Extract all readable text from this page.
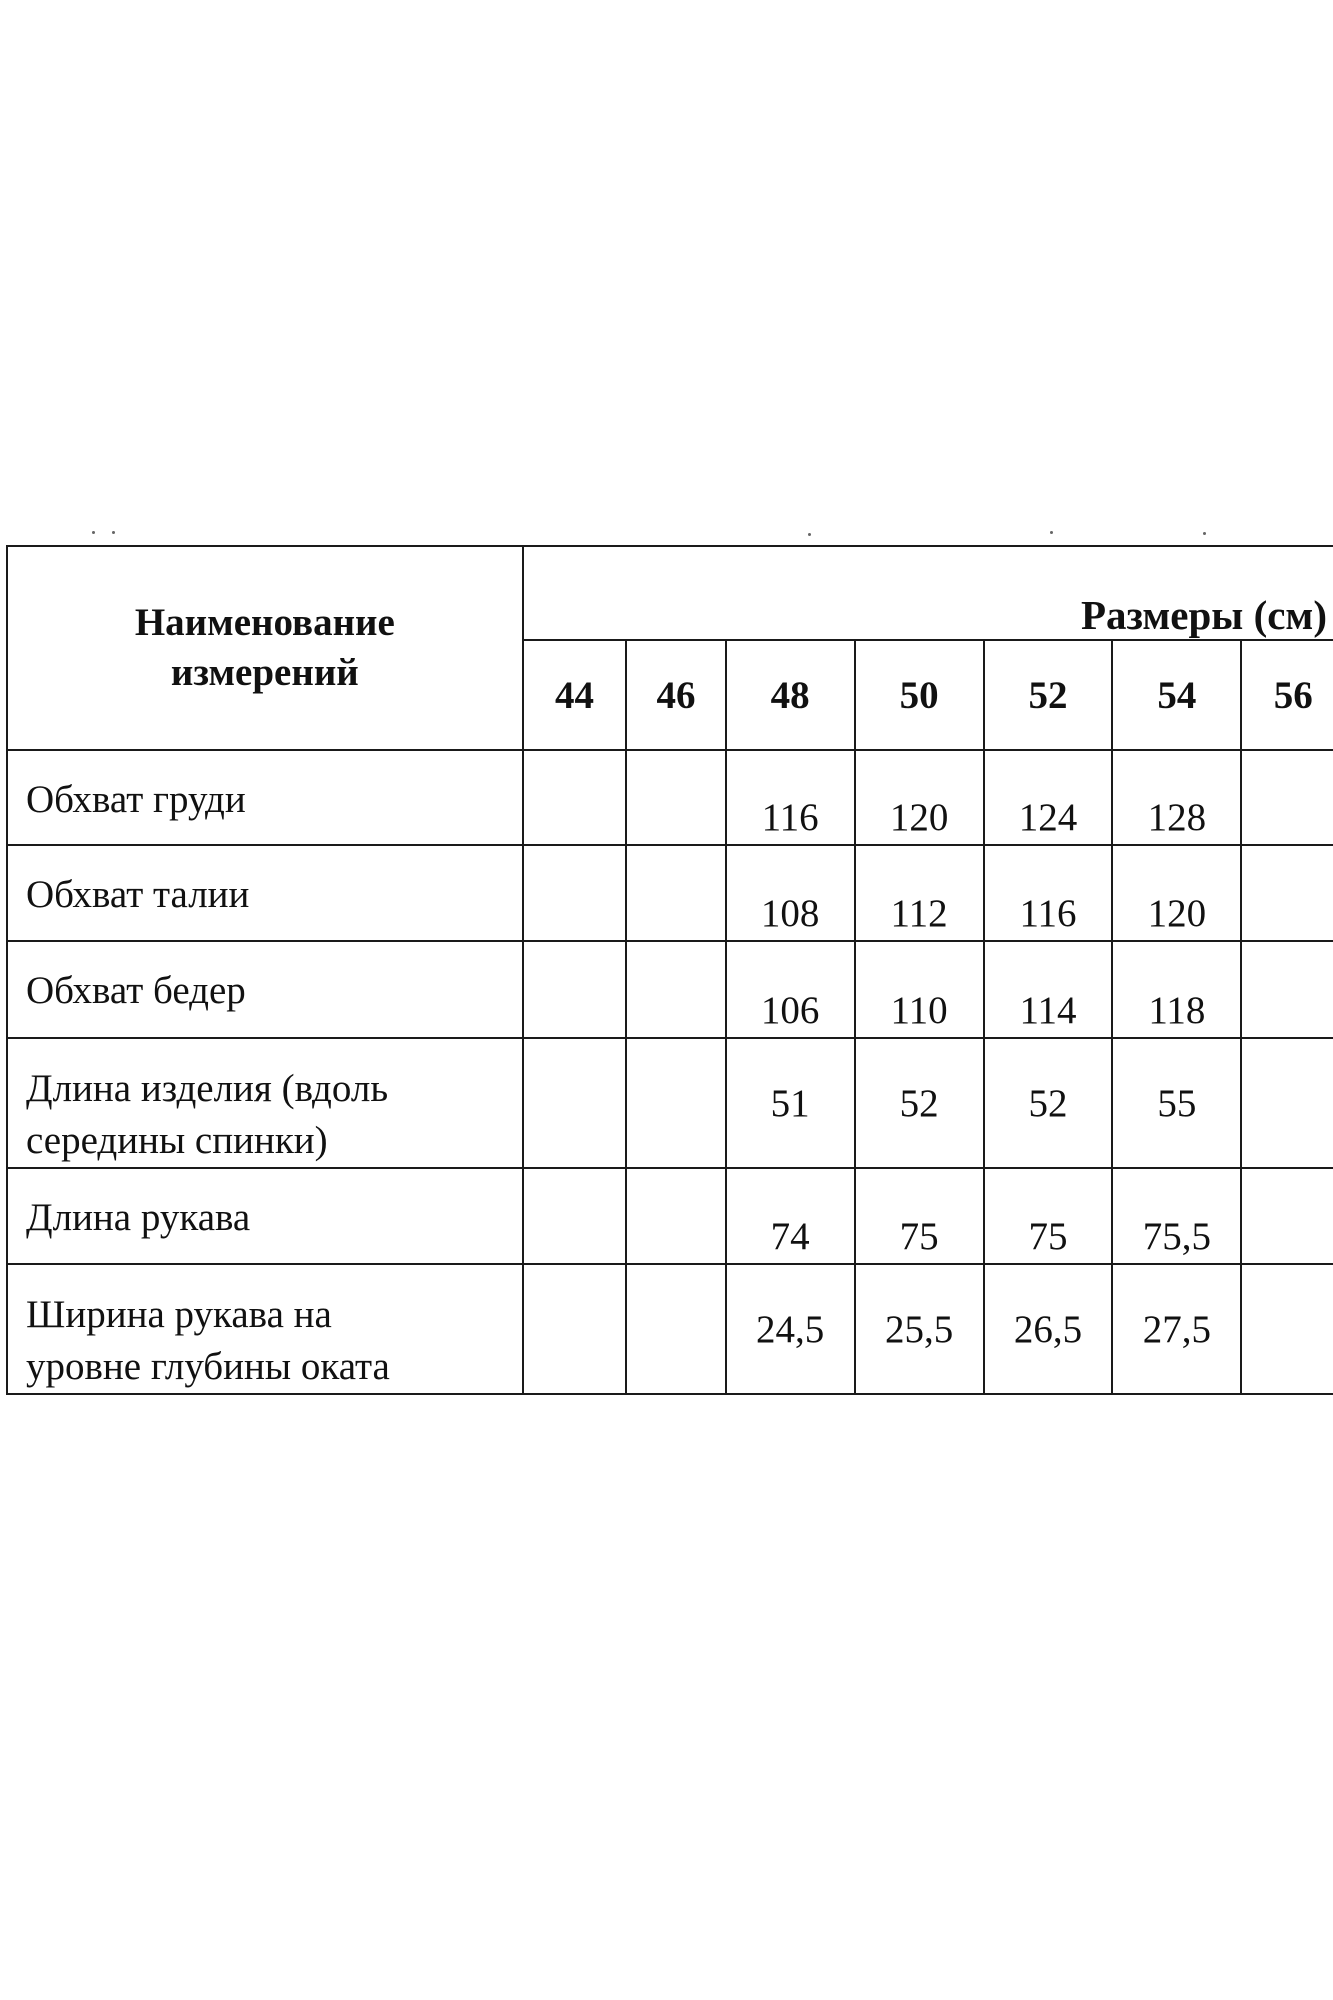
Наименование
измерений	Размеры (см)						
	44	46	48	50	52	54	56

Обхват груди			116	120	124	128	

Обхват талии			108	112	116	120	

Обхват бедер			106	110	114	118	

Длина изделия (вдоль
середины спинки)			51	52	52	55	

Длина рукава			74	75	75	75,5	

Ширина рукава на
уровне глубины оката			24,5	25,5	26,5	27,5	
